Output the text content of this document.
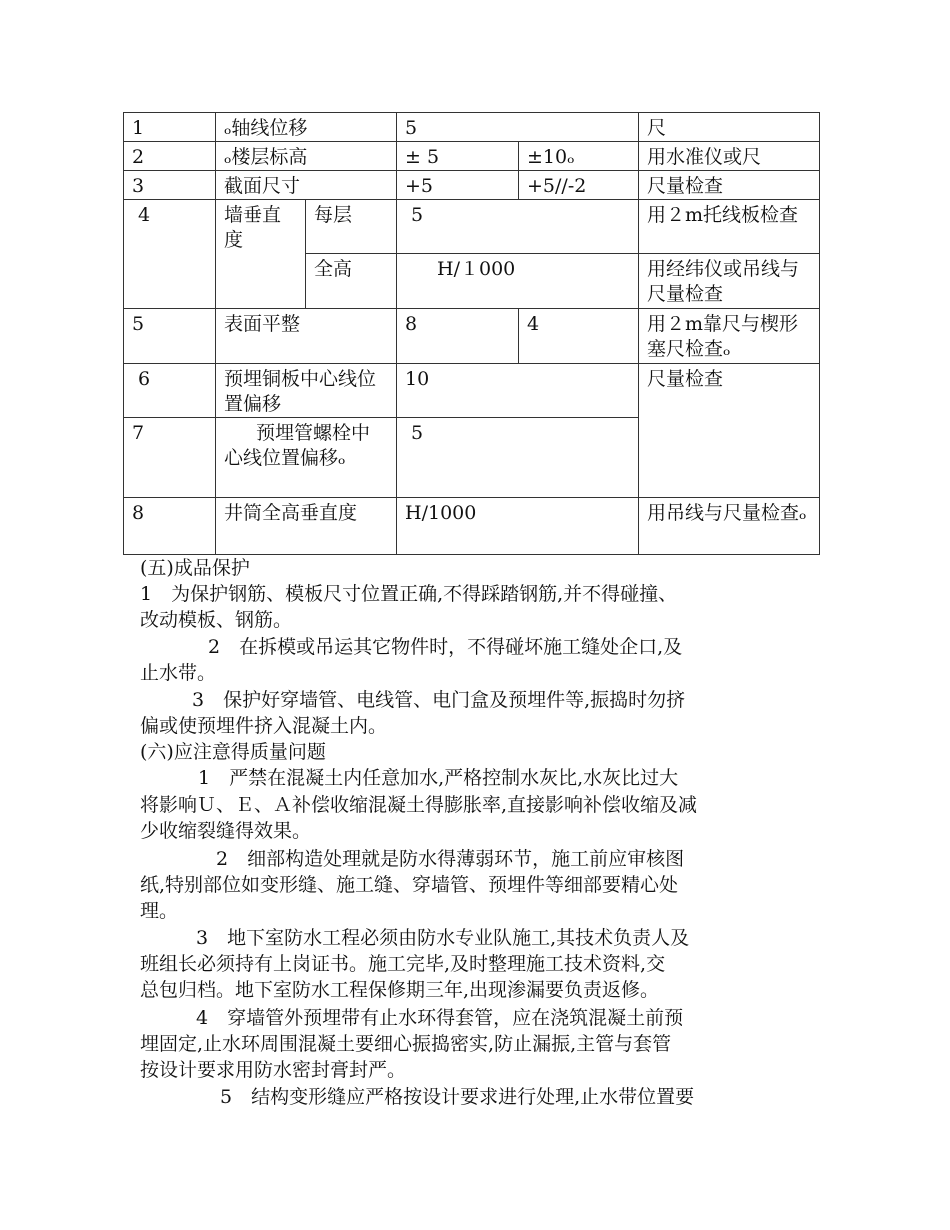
1	ₒ轴线位移		5		尺
2	ₒ楼层标高		± 5	±10ₒ	用水准仪或尺
3	截面尺寸		+5	+5//-2	尺量检查
4	墙垂直度	每层	5		用２m托线板检查
		全高	H/１000		用经纬仪或吊线与尺量检查
5	表面平整		8	4	用２m靠尺与楔形塞尺检查ₒ
6	预埋铜板中心线位置偏移		10		尺量检查
7	预埋管螺栓中心线位置偏移ₒ		5		
8	井筒全高垂直度		H/1000		用吊线与尺量检查ₒ
(五)成品保护
1　为保护钢筋、模板尺寸位置正确,不得踩踏钢筋,并不得碰撞、
改动模板、钢筋。
2　在拆模或吊运其它物件时，不得碰坏施工缝处企口,及
止水带。
3　保护好穿墙管、电线管、电门盒及预埋件等,振捣时勿挤
偏或使预埋件挤入混凝土内。
(六)应注意得质量问题
1　严禁在混凝土内任意加水,严格控制水灰比,水灰比过大
将影响Ｕ、Ｅ、Ａ补偿收缩混凝土得膨胀率,直接影响补偿收缩及减
少收缩裂缝得效果。
2　细部构造处理就是防水得薄弱环节，施工前应审核图
纸,特别部位如变形缝、施工缝、穿墙管、预埋件等细部要精心处
理。
3　地下室防水工程必须由防水专业队施工,其技术负责人及
班组长必须持有上岗证书。施工完毕,及时整理施工技术资料,交
总包归档。地下室防水工程保修期三年,出现渗漏要负责返修。
4　穿墙管外预埋带有止水环得套管，应在浇筑混凝土前预
埋固定,止水环周围混凝土要细心振捣密实,防止漏振,主管与套管
按设计要求用防水密封膏封严。
5　结构变形缝应严格按设计要求进行处理,止水带位置要
